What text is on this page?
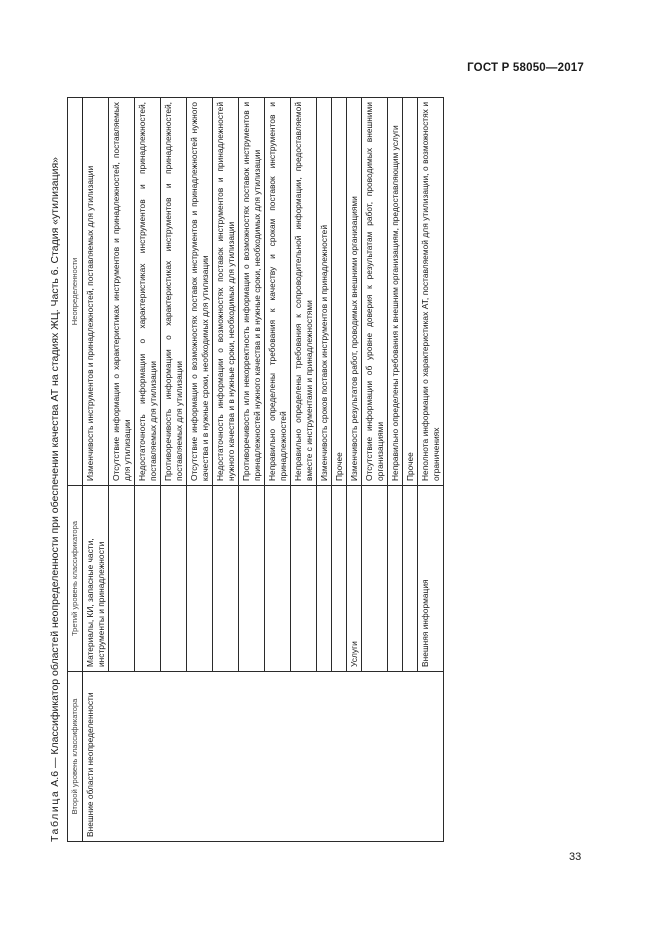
ГОСТ Р 58050—2017
Таблица А.6 — Классификатор областей неопределенности при обеспечении качества АТ на стадиях ЖЦ. Часть 6. Стадия «утилизация»	Второй уровень классификатора	Третий уровень классификатора	Неопределенности
Внешние области неопределенности	Материалы, КИ, запасные части, инструменты и принадлежности	Изменчивость инструментов и принадлежностей, поставляемых для утилизации
		Отсутствие информации о характеристиках инструментов и принадлежностей, поставляемых для утилизации
		Недостаточность информации о характеристиках инструментов и принадлежностей, поставляемых для утилизации
		Противоречивость информации о характеристиках инструментов и принадлежностей, поставляемых для утилизации
		Отсутствие информации о возможностях поставок инструментов и принадлежностей нужного качества и в нужные сроки, необходимых для утилизации
		Недостаточность информации о возможностях поставок инструментов и принадлежностей нужного качества и в нужные сроки, необходимых для утилизации
		Противоречивость или некорректность информации о возможностях поставок инструментов и принадлежностей нужного качества и в нужные сроки, необходимых для утилизации
		Неправильно определены требования к качеству и срокам поставок инструментов и принадлежностей
		Неправильно определены требования к сопроводительной информации, предоставляемой вместе с инструментами и принадлежностями
		Изменчивость сроков поставок инструментов и принадлежностей
		Прочее
	Услуги	Изменчивость результатов работ, проводимых внешними организациями
		Отсутствие информации об уровне доверия к результатам работ, проводимых внешними организациями
		Неправильно определены требования к внешним организациям, предоставляющим услуги
		Прочее
	Внешняя информация	Неполнота информации о характеристиках АТ, поставляемой для утилизации, о возможностях и ограничениях
33
